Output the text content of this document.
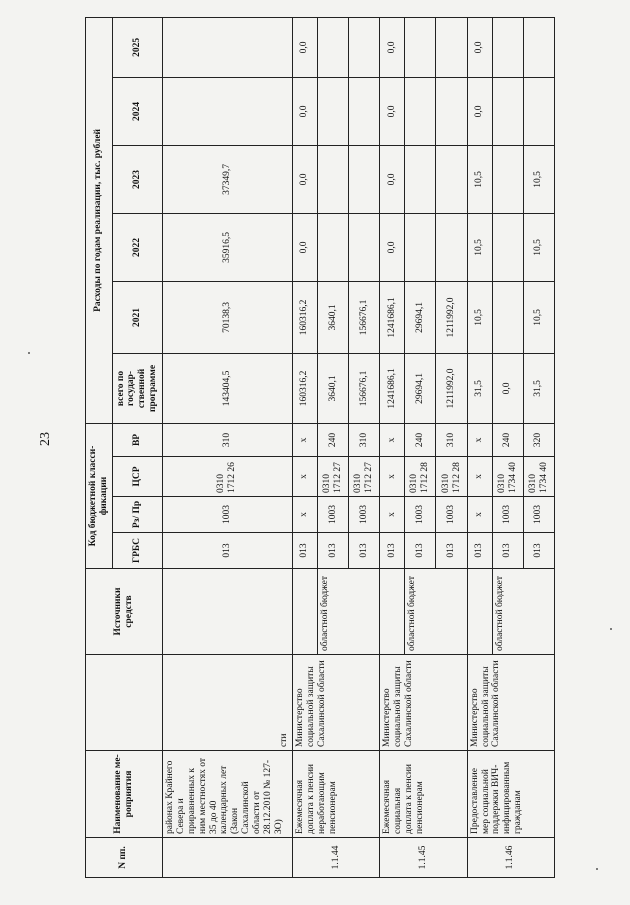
23
N пп.	Наименование ме-роприятия		Источники средств	Код бюджетной класси-фикации				Расходы по годам реализации, тыс. рублей					
				ГРБС	Рз/ Пр	ЦСР	ВР	всего по государ-ственной программе	2021	2022	2023	2024	2025
	районах Крайнего Севера и приравненных к ним местностях от 35 до 40 календарных лет (Закон Сахалинской области от 28.12.2010 № 127-ЗО)	сти		013	1003	0310 1712 26	310	143404,5	70138,3	35916,5	37349,7		
1.1.44	Ежемесячная доплата к пенсии неработающим пенсионерам	Министерство социальной защиты Сахалинской области		013	х	х	х	160316,2	160316,2	0,0	0,0	0,0	0,0
			областной бюджет	013	1003	0310 1712 27	240	3640,1	3640,1				
				013	1003	0310 1712 27	310	156676,1	156676,1				
1.1.45	Ежемесячная социальная доплата к пенсии пенсионерам	Министерство социальной защиты Сахалинской области		013	х	х	х	1241686,1	1241686,1	0,0	0,0	0,0	0,0
			областной бюджет	013	1003	0310 1712 28	240	29694,1	29694,1				
				013	1003	0310 1712 28	310	1211992,0	1211992,0				
1.1.46	Предоставление мер социальной поддержки ВИЧ-инфицированным гражданам	Министерство социальной защиты Сахалинской области		013	х	х	х	31,5	10,5	10,5	10,5	0,0	0,0
			областной бюджет	013	1003	0310 1734 40	240	0,0					
				013	1003	0310 1734 40	320	31,5	10,5	10,5	10,5		
